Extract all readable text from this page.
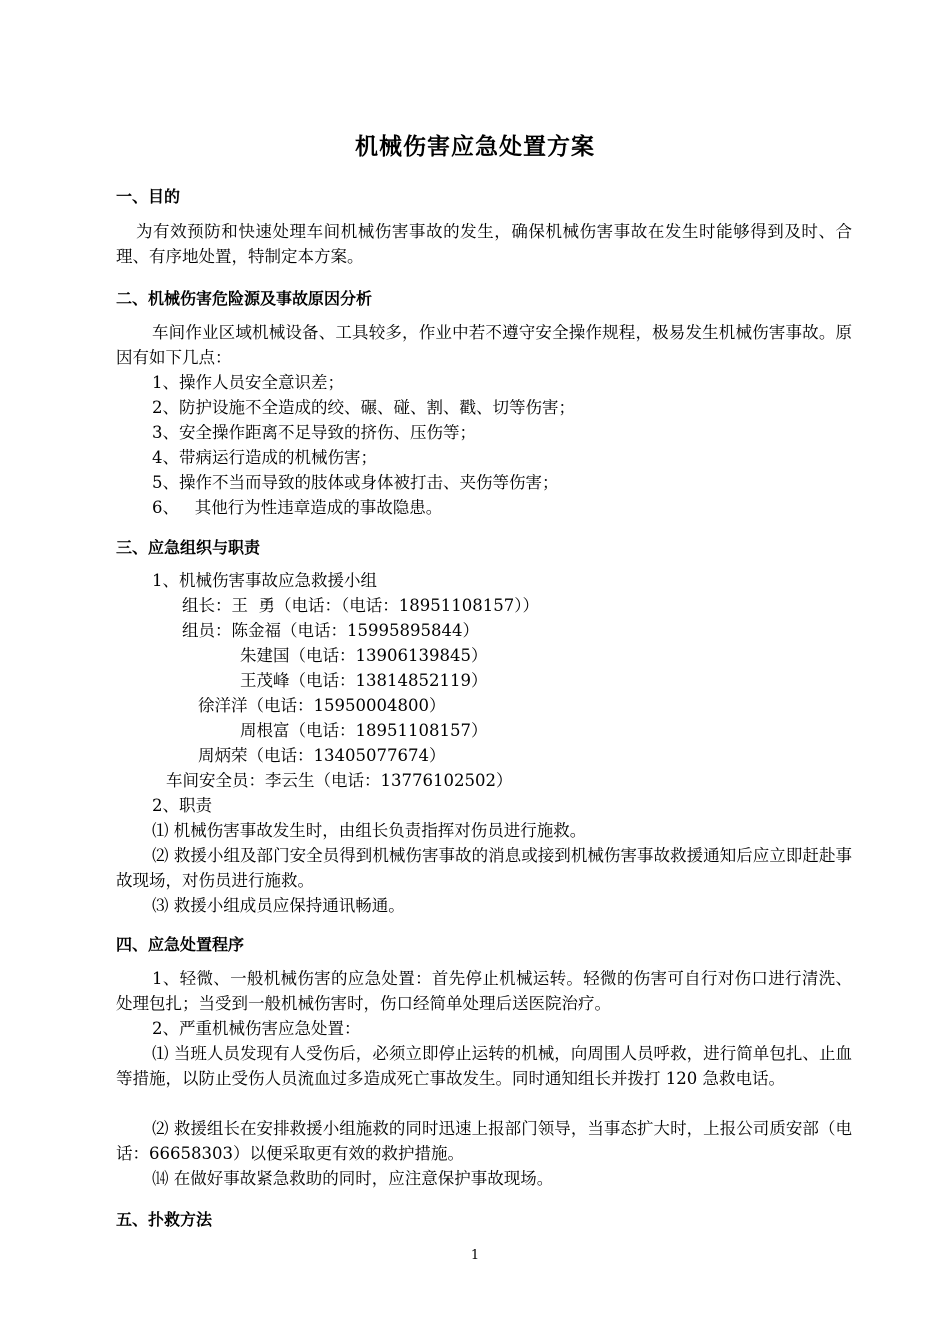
机械伤害应急处置方案
一、目的
为有效预防和快速处理车间机械伤害事故的发生，确保机械伤害事故在发生时能够得到及时、合理、有序地处置，特制定本方案。
二、机械伤害危险源及事故原因分析
车间作业区域机械设备、工具较多，作业中若不遵守安全操作规程，极易发生机械伤害事故。原因有如下几点：
1、操作人员安全意识差；
2、防护设施不全造成的绞、碾、碰、割、戳、切等伤害；
3、安全操作距离不足导致的挤伤、压伤等；
4、带病运行造成的机械伤害；
5、操作不当而导致的肢体或身体被打击、夹伤等伤害；
6、   其他行为性违章造成的事故隐患。
三、应急组织与职责
1、机械伤害事故应急救援小组
组长：王  勇（电话：（电话：18951108157））
组员：陈金福（电话：15995895844）
朱建国（电话：13906139845）
王茂峰（电话：13814852119）
徐洋洋（电话：15950004800）
周根富（电话：18951108157）
周炳荣（电话：13405077674）
车间安全员：李云生（电话：13776102502）
2、职责
⑴ 机械伤害事故发生时，由组长负责指挥对伤员进行施救。
⑵ 救援小组及部门安全员得到机械伤害事故的消息或接到机械伤害事故救援通知后应立即赶赴事故现场，对伤员进行施救。
⑶ 救援小组成员应保持通讯畅通。
四、应急处置程序
1、轻微、一般机械伤害的应急处置：首先停止机械运转。轻微的伤害可自行对伤口进行清洗、处理包扎；当受到一般机械伤害时，伤口经简单处理后送医院治疗。
2、严重机械伤害应急处置：
⑴ 当班人员发现有人受伤后，必须立即停止运转的机械，向周围人员呼救，进行简单包扎、止血等措施，以防止受伤人员流血过多造成死亡事故发生。同时通知组长并拨打 120 急救电话。
⑵ 救援组长在安排救援小组施救的同时迅速上报部门领导，当事态扩大时，上报公司质安部（电话：66658303）以便采取更有效的救护措施。
⒁ 在做好事故紧急救助的同时，应注意保护事故现场。
五、扑救方法
1
